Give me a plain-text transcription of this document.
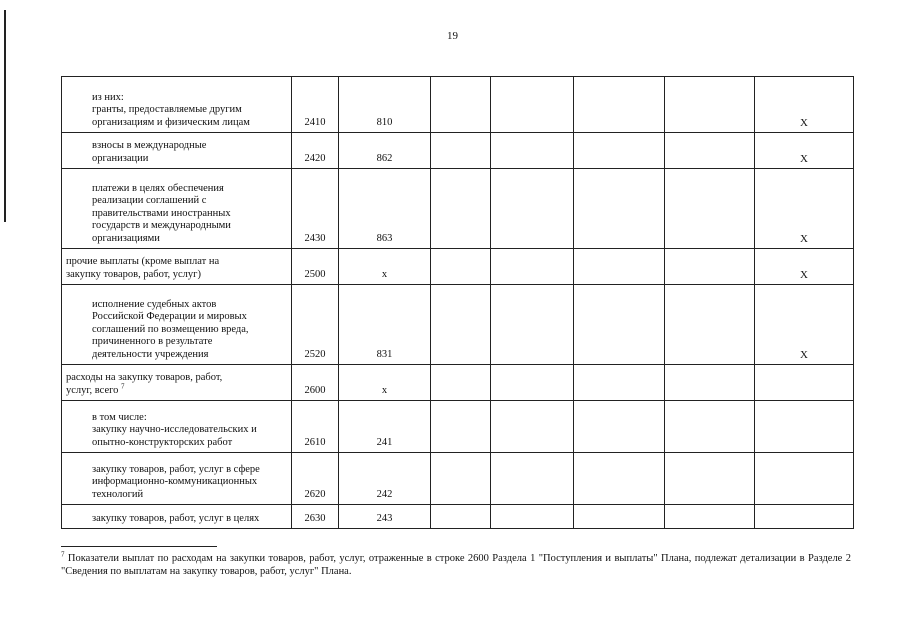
19
из них:
гранты, предоставляемые другим
организациям и физическим лицам	2410	810					X

взносы в международные
организации	2420	862					X

платежи в целях обеспечения
реализации соглашений с
правительствами иностранных
государств и международными
организациями	2430	863					X

прочие выплаты (кроме выплат на
закупку товаров, работ, услуг)	2500	х					X

исполнение судебных актов
Российской Федерации и мировых
соглашений по возмещению вреда,
причиненного в результате
деятельности учреждения	2520	831					X

расходы на закупку товаров, работ,
услуг, всего $^7$	2600	х					

в том числе:
закупку научно-исследовательских и
опытно-конструкторских работ	2610	241					

закупку товаров, работ, услуг в сфере
информационно-коммуникационных
технологий	2620	242					

закупку товаров, работ, услуг в целях	2630	243					
$^7$ Показатели выплат по расходам на закупки товаров, работ, услуг, отраженные в строке 2600 Раздела 1 "Поступления и выплаты" Плана, подлежат детализации в Разделе 2 "Сведения по выплатам на закупку товаров, работ, услуг" Плана.
